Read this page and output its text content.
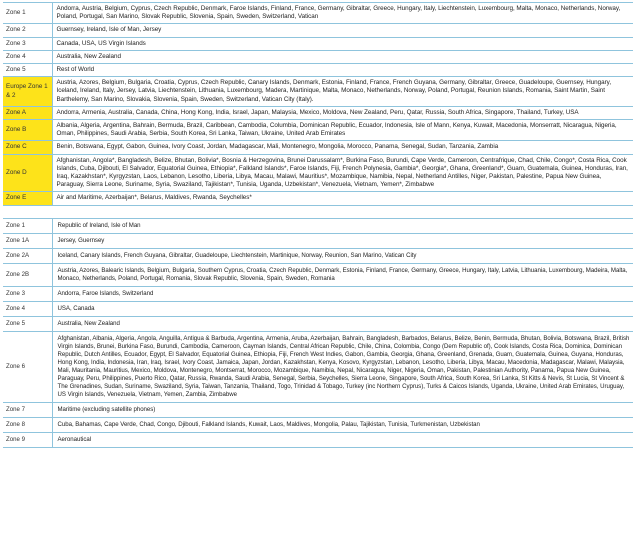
Zone 1	Andorra, Austria, Belgium, Cyprus, Czech Republic, Denmark, Faroe Islands, Finland, France, Germany, Gibraltar, Greece, Hungary, Italy, Liechtenstein, Luxembourg, Malta, Monaco, Netherlands, Norway, Poland, Portugal, San Marino, Slovak Republic, Slovenia, Spain, Sweden, Switzerland, Vatican
Zone 2	Guernsey, Ireland, Isle of Man, Jersey
Zone 3	Canada, USA, US Virgin Islands
Zone 4	Australia, New Zealand
Zone 5	Rest of World
Europe Zone 1 & 2	Austria, Azores, Belgium, Bulgaria, Croatia, Cyprus, Czech Republic, Canary Islands, Denmark, Estonia, Finland, France, French Guyana, Germany, Gibraltar, Greece, Guadeloupe, Guernsey, Hungary, Iceland, Ireland, Italy, Jersey, Latvia, Liechtenstein, Lithuania, Luxembourg, Madera, Martinique, Malta, Monaco, Netherlands, Norway, Poland, Portugal, Reunion Islands, Romania, Saint Martin, Saint Barthelemy, San Marino, Slovakia, Slovenia, Spain, Sweden, Switzerland, Vatican City (Italy).
Zone A	Andorra, Armenia, Australia, Canada, China, Hong Kong, India, Israel, Japan, Malaysia, Mexico, Moldova, New Zealand, Peru, Qatar, Russia, South Africa, Singapore, Thailand, Turkey, USA
Zone B	Albania, Algeria, Argentina, Bahrain, Bermuda, Brazil, Caribbean, Cambodia, Columbia, Dominican Republic, Ecuador, Indonesia, Isle of Mann, Kenya, Kuwait, Macedonia, Monserratt, Nicaragua, Nigeria, Oman, Philippines, Saudi Arabia, Serbia, South Korea, Sri Lanka, Taiwan, Ukraine, United Arab Emirates
Zone C	Benin, Botswana, Egypt, Gabon, Guinea, Ivory Coast, Jordan, Madagascar, Mali, Montenegro, Mongolia, Morocco, Panama, Senegal, Sudan, Tanzania, Zambia
Zone D	Afghanistan, Angola*, Bangladesh, Belize, Bhutan, Bolivia*, Bosnia & Herzegovina, Brunei Darussalam*, Burkina Faso, Burundi, Cape Verde, Cameroon, Centrafrique, Chad, Chile, Congo*, Costa Rica, Cook Islands, Cuba, Djibouti, El Salvador, Equatorial Guinea, Ethiopia*, Falkland Islands*, Faroe Islands, Fiji, French Polynesia, Gambia*, Georgia*, Ghana, Greenland*, Guam, Guatemala, Guinea, Honduras, Iran, Iraq, Kazakhstan*, Kyrgyzstan, Laos, Lebanon, Lesotho, Liberia, Libya, Macau, Malawi, Mauritius*, Mozambique, Namibia, Nepal, Netherland Antilles, Niger, Pakistan, Palestine, Papua New Guinea, Paraguay, Sierra Leone, Suriname, Syria, Swaziland, Tajikistan*, Tunisia, Uganda, Uzbekistan*, Venezuela, Vietnam, Yemen*, Zimbabwe
Zone E	Air and Maritime, Azerbaijan*, Belarus, Maldives, Rwanda, Seychelles*
Zone 1	Republic of Ireland, Isle of Man
Zone 1A	Jersey, Guernsey
Zone 2A	Iceland, Canary Islands, French Guyana, Gibraltar, Guadeloupe, Liechtenstein, Martinique, Norway, Reunion, San Marino, Vatican City
Zone 2B	Austria, Azores, Balearic Islands, Belgium, Bulgaria, Southern Cyprus, Croatia, Czech Republic, Denmark, Estonia, Finland, France, Germany, Greece, Hungary, Italy, Latvia, Lithuania, Luxembourg, Madeira, Malta, Monaco, Netherlands, Poland, Portugal, Romania, Slovak Republic, Slovenia, Spain, Sweden, Romania
Zone 3	Andorra, Faroe Islands, Switzerland
Zone 4	USA, Canada
Zone 5	Australia, New Zealand
Zone 6	Afghanistan, Albania, Algeria, Angola, Anguilla, Antigua & Barbuda, Argentina, Armenia, Aruba, Azerbaijan, Bahrain, Bangladesh, Barbados, Belarus, Belize, Benin, Bermuda, Bhutan, Bolivia, Botswana, Brazil, British Virgin Islands, Brunei, Burkina Faso, Burundi, Cambodia, Cameroon, Cayman Islands, Central African Republic, Chile, China, Colombia, Congo (Dem Republic of), Cook Islands, Costa Rica, Dominica, Dominican Republic, Dutch Antilles, Ecuador, Egypt, El Salvador, Equatorial Guinea, Ethiopia, Fiji, French West Indies, Gabon, Gambia, Georgia, Ghana, Greenland, Grenada, Guam, Guatemala, Guinea, Guyana, Honduras, Hong Kong, India, Indonesia, Iran, Iraq, Israel, Ivory Coast, Jamaica, Japan, Jordan, Kazakhstan, Kenya, Kosovo, Kyrgyzstan, Lebanon, Lesotho, Liberia, Libya, Macau, Macedonia, Madagascar, Malawi, Malaysia, Mali, Mauritania, Mauritius, Mexico, Moldova, Montenegro, Montserrat, Morocco, Mozambique, Namibia, Nepal, Nicaragua, Niger, Nigeria, Oman, Pakistan, Palestinian Authority, Panama, Papua New Guinea, Paraguay, Peru, Philippines, Puerto Rico, Qatar, Russia, Rwanda, Saudi Arabia, Senegal, Serbia, Seychelles, Sierra Leone, Singapore, South Africa, South Korea, Sri Lanka, St Kitts & Nevis, St Lucia, St Vincent & The Grenadines, Sudan, Suriname, Swaziland, Syria, Taiwan, Tanzania, Thailand, Togo, Trinidad & Tobago, Turkey (inc Northern Cyprus), Turks & Caicos Islands, Uganda, Ukraine, United Arab Emirates, Uruguay, US Virgin Islands, Venezuela, Vietnam, Yemen, Zambia, Zimbabwe
Zone 7	Maritime (excluding satellite phones)
Zone 8	Cuba, Bahamas, Cape Verde, Chad, Congo, Djibouti, Falkland Islands, Kuwait, Laos, Maldives, Mongolia, Palau, Tajikistan, Tunisia, Turkmenistan, Uzbekistan
Zone 9	Aeronautical
